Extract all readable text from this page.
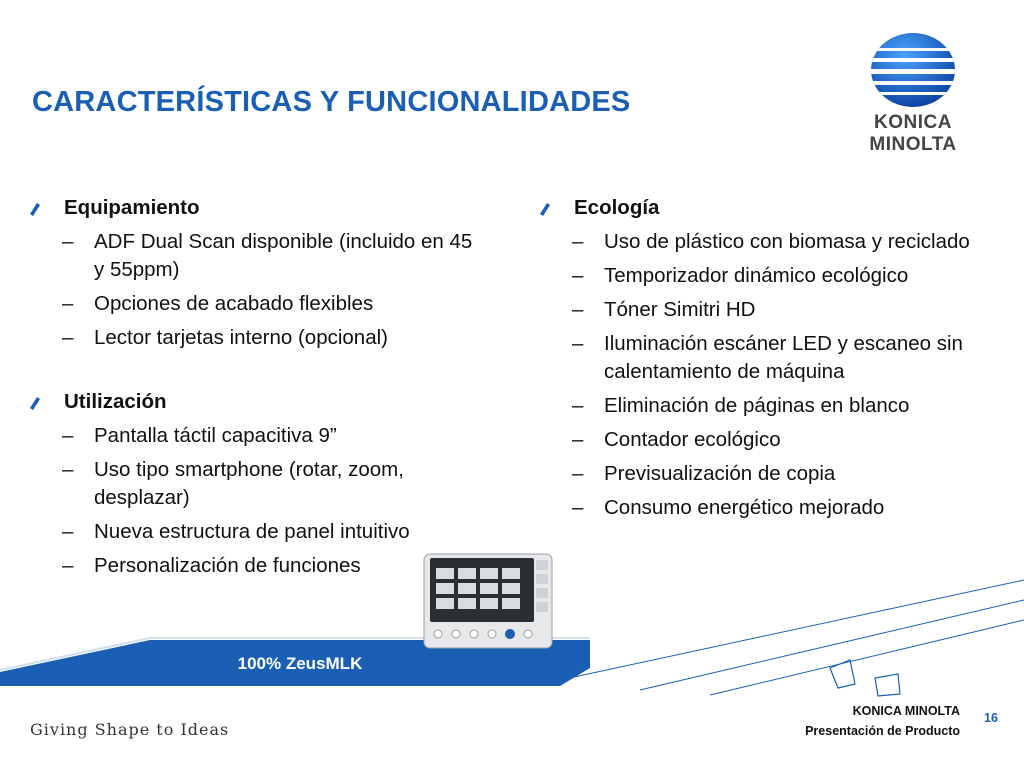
CARACTERÍSTICAS Y FUNCIONALIDADES
KONICA MINOLTA
Equipamiento
– ADF Dual Scan disponible (incluido en 45 y 55ppm)
– Opciones de acabado flexibles
– Lector tarjetas interno (opcional)
Utilización
– Pantalla táctil capacitiva 9”
– Uso tipo smartphone (rotar, zoom, desplazar)
– Nueva estructura de panel intuitivo
– Personalización de funciones
Ecología
– Uso de plástico con biomasa y reciclado
– Temporizador dinámico ecológico
– Tóner Simitri HD
– Iluminación escáner LED y escaneo sin calentamiento de máquina
– Eliminación de páginas en blanco
– Contador ecológico
– Previsualización de copia
– Consumo energético mejorado
100% ZeusMLK
Giving Shape to Ideas
KONICA MINOLTA
Presentación de Producto
16
